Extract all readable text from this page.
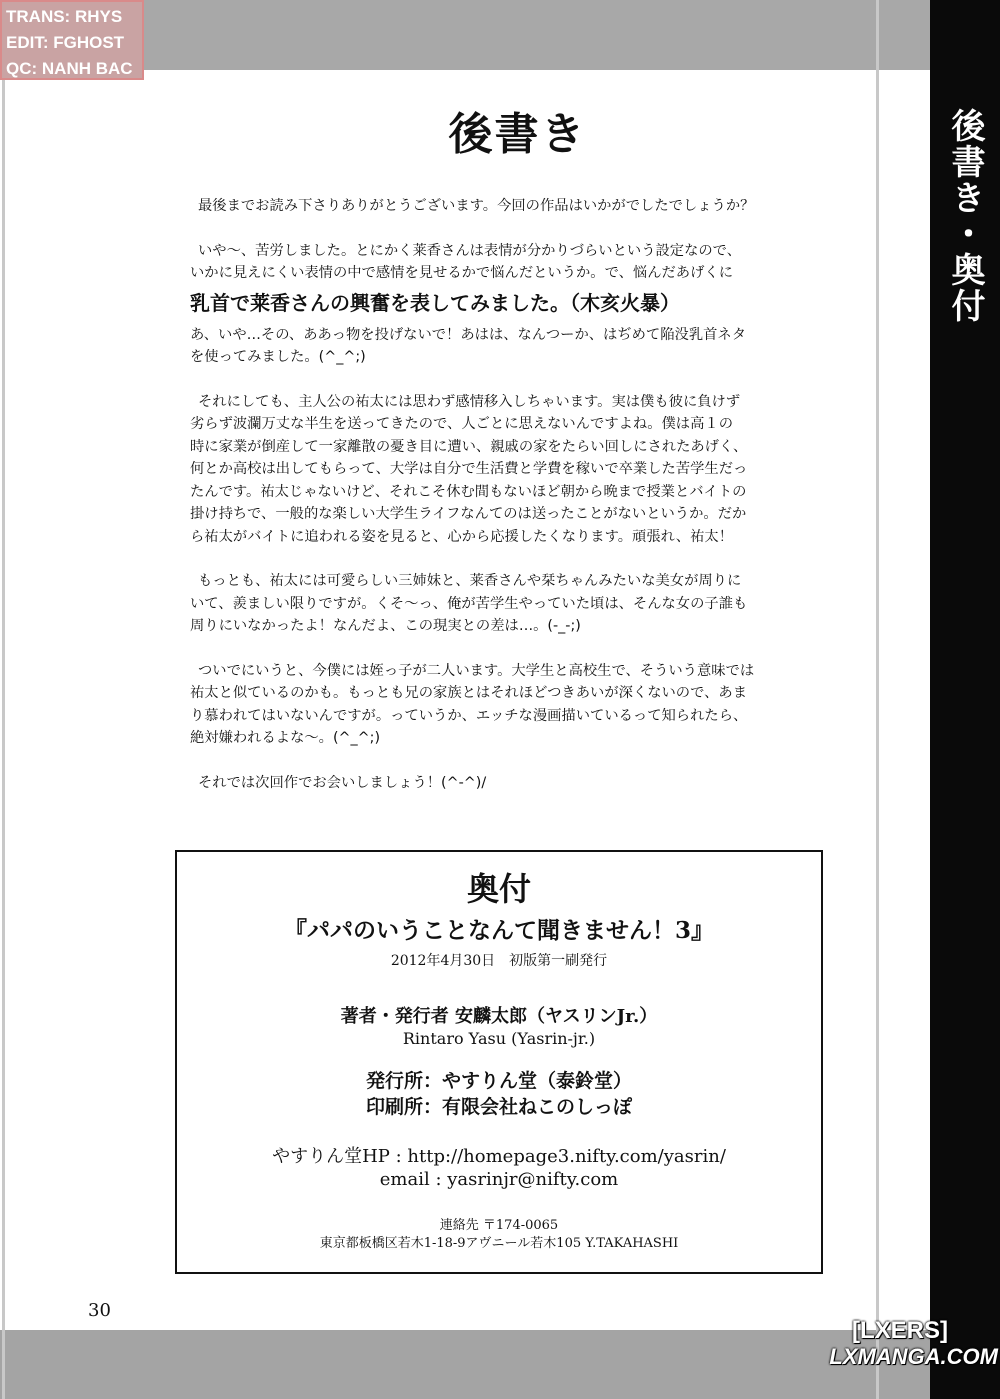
後書き・奥付
TRANS: RHYS
EDIT: FGHOST
QC: NANH BAC
後書き

最後までお読み下さりありがとうございます。今回の作品はいかがでしたでしょうか？

いや～、苦労しました。とにかく莱香さんは表情が分かりづらいという設定なので、
いかに見えにくい表情の中で感情を見せるかで悩んだというか。で、悩んだあげくに
乳首で莱香さんの興奮を表してみました。（木亥火暴）

あ、いや…その、ああっ物を投げないで！あはは、なんつーか、はぢめて陥没乳首ネタ
を使ってみました。(^_^;)

それにしても、主人公の祐太には思わず感情移入しちゃいます。実は僕も彼に負けず
劣らず波瀾万丈な半生を送ってきたので、人ごとに思えないんですよね。僕は高１の
時に家業が倒産して一家離散の憂き目に遭い、親戚の家をたらい回しにされたあげく、
何とか高校は出してもらって、大学は自分で生活費と学費を稼いで卒業した苦学生だっ
たんです。祐太じゃないけど、それこそ休む間もないほど朝から晩まで授業とバイトの
掛け持ちで、一般的な楽しい大学生ライフなんてのは送ったことがないというか。だか
ら祐太がバイトに追われる姿を見ると、心から応援したくなります。頑張れ、祐太！

もっとも、祐太には可愛らしい三姉妹と、莱香さんや栞ちゃんみたいな美女が周りに
いて、羨ましい限りですが。くそ～っ、俺が苦学生やっていた頃は、そんな女の子誰も
周りにいなかったよ！なんだよ、この現実との差は…。(-_-;)

ついでにいうと、今僕には姪っ子が二人います。大学生と高校生で、そういう意味では
祐太と似ているのかも。もっとも兄の家族とはそれほどつきあいが深くないので、あま
り慕われてはいないんですが。っていうか、エッチな漫画描いているって知られたら、
絶対嫌われるよな～。(^_^;)

それでは次回作でお会いしましょう！(^-^)/

奥付
『パパのいうことなんて聞きません！3』
2012年4月30日　初版第一刷発行
著者・発行者 安麟太郎（ヤスリンJr.）
Rintaro Yasu (Yasrin-jr.)
発行所：やすりん堂（泰鈴堂）
印刷所：有限会社ねこのしっぽ
やすりん堂HP : http://homepage3.nifty.com/yasrin/
email : yasrinjr@nifty.com
連絡先 〒174-0065
東京都板橋区若木1-18-9アヴニール若木105 Y.TAKAHASHI
30
[LXERS]
LXMANGA.COM
